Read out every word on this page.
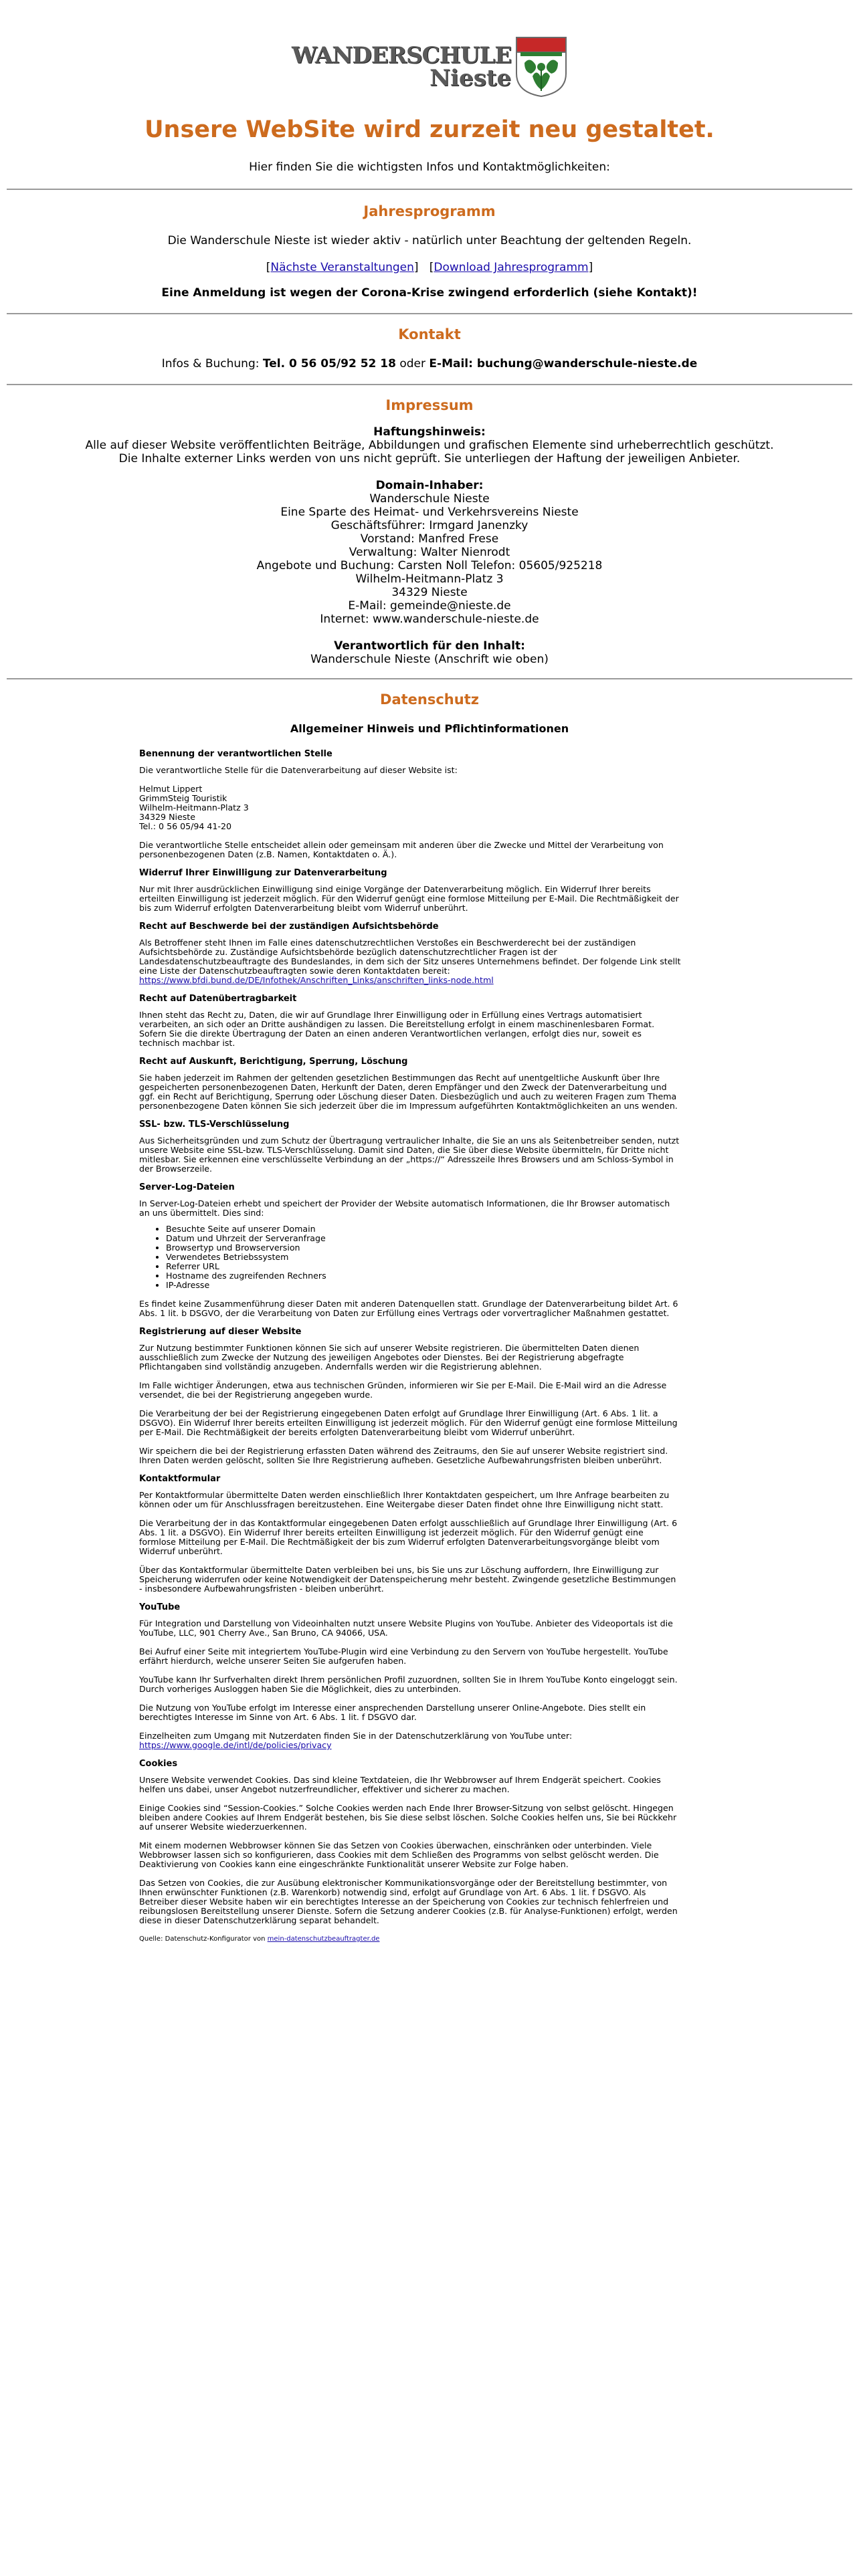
WANDERSCHULE
Nieste
Unsere WebSite wird zurzeit neu gestaltet.
Hier finden Sie die wichtigsten Infos und Kontaktmöglichkeiten:
Jahresprogramm
Die Wanderschule Nieste ist wieder aktiv - natürlich unter Beachtung der geltenden Regeln.
[Nächste Veranstaltungen]   [Download Jahresprogramm]
Eine Anmeldung ist wegen der Corona-Krise zwingend erforderlich (siehe Kontakt)!
Kontakt
Infos & Buchung: Tel. 0 56 05/92 52 18 oder E-Mail: buchung@wanderschule-nieste.de
Impressum
Haftungshinweis:
Alle auf dieser Website veröffentlichten Beiträge, Abbildungen und grafischen Elemente sind urheberrechtlich geschützt.
Die Inhalte externer Links werden von uns nicht geprüft. Sie unterliegen der Haftung der jeweiligen Anbieter.
Domain-Inhaber:
Wanderschule Nieste
Eine Sparte des Heimat- und Verkehrsvereins Nieste
Geschäftsführer: Irmgard Janenzky
Vorstand: Manfred Frese
Verwaltung: Walter Nienrodt
Angebote und Buchung: Carsten Noll Telefon: 05605/925218
Wilhelm-Heitmann-Platz 3
34329 Nieste
E-Mail: gemeinde@nieste.de
Internet: www.wanderschule-nieste.de
Verantwortlich für den Inhalt:
Wanderschule Nieste (Anschrift wie oben)
Datenschutz
Allgemeiner Hinweis und Pflichtinformationen
Benennung der verantwortlichen Stelle

Die verantwortliche Stelle für die Datenverarbeitung auf dieser Website ist:

Helmut Lippert
GrimmSteig Touristik
Wilhelm-Heitmann-Platz 3
34329 Nieste
Tel.: 0 56 05/94 41-20

Die verantwortliche Stelle entscheidet allein oder gemeinsam mit anderen über die Zwecke und Mittel der Verarbeitung von personenbezogenen Daten (z.B. Namen, Kontaktdaten o. Ä.).

Widerruf Ihrer Einwilligung zur Datenverarbeitung

Nur mit Ihrer ausdrücklichen Einwilligung sind einige Vorgänge der Datenverarbeitung möglich. Ein Widerruf Ihrer bereits erteilten Einwilligung ist jederzeit möglich. Für den Widerruf genügt eine formlose Mitteilung per E-Mail. Die Rechtmäßigkeit der bis zum Widerruf erfolgten Datenverarbeitung bleibt vom Widerruf unberührt.

Recht auf Beschwerde bei der zuständigen Aufsichtsbehörde

Als Betroffener steht Ihnen im Falle eines datenschutzrechtlichen Verstoßes ein Beschwerderecht bei der zuständigen Aufsichtsbehörde zu. Zuständige Aufsichtsbehörde bezüglich datenschutzrechtlicher Fragen ist der Landesdatenschutzbeauftragte des Bundeslandes, in dem sich der Sitz unseres Unternehmens befindet. Der folgende Link stellt eine Liste der Datenschutzbeauftragten sowie deren Kontaktdaten bereit:

https://www.bfdi.bund.de/DE/Infothek/Anschriften_Links/anschriften_links-node.html

Recht auf Datenübertragbarkeit

Ihnen steht das Recht zu, Daten, die wir auf Grundlage Ihrer Einwilligung oder in Erfüllung eines Vertrags automatisiert verarbeiten, an sich oder an Dritte aushändigen zu lassen. Die Bereitstellung erfolgt in einem maschinenlesbaren Format. Sofern Sie die direkte Übertragung der Daten an einen anderen Verantwortlichen verlangen, erfolgt dies nur, soweit es technisch machbar ist.

Recht auf Auskunft, Berichtigung, Sperrung, Löschung

Sie haben jederzeit im Rahmen der geltenden gesetzlichen Bestimmungen das Recht auf unentgeltliche Auskunft über Ihre gespeicherten personenbezogenen Daten, Herkunft der Daten, deren Empfänger und den Zweck der Datenverarbeitung und ggf. ein Recht auf Berichtigung, Sperrung oder Löschung dieser Daten. Diesbezüglich und auch zu weiteren Fragen zum Thema personenbezogene Daten können Sie sich jederzeit über die im Impressum aufgeführten Kontaktmöglichkeiten an uns wenden.

SSL- bzw. TLS-Verschlüsselung

Aus Sicherheitsgründen und zum Schutz der Übertragung vertraulicher Inhalte, die Sie an uns als Seitenbetreiber senden, nutzt unsere Website eine SSL-bzw. TLS-Verschlüsselung. Damit sind Daten, die Sie über diese Website übermitteln, für Dritte nicht mitlesbar. Sie erkennen eine verschlüsselte Verbindung an der „https://“ Adresszeile Ihres Browsers und am Schloss-Symbol in der Browserzeile.

Server-Log-Dateien

In Server-Log-Dateien erhebt und speichert der Provider der Website automatisch Informationen, die Ihr Browser automatisch an uns übermittelt. Dies sind:

• Besuchte Seite auf unserer Domain
• Datum und Uhrzeit der Serveranfrage
• Browsertyp und Browserversion
• Verwendetes Betriebssystem
• Referrer URL
• Hostname des zugreifenden Rechners
• IP-Adresse

Es findet keine Zusammenführung dieser Daten mit anderen Datenquellen statt. Grundlage der Datenverarbeitung bildet Art. 6 Abs. 1 lit. b DSGVO, der die Verarbeitung von Daten zur Erfüllung eines Vertrags oder vorvertraglicher Maßnahmen gestattet.

Registrierung auf dieser Website

Zur Nutzung bestimmter Funktionen können Sie sich auf unserer Website registrieren. Die übermittelten Daten dienen ausschließlich zum Zwecke der Nutzung des jeweiligen Angebotes oder Dienstes. Bei der Registrierung abgefragte Pflichtangaben sind vollständig anzugeben. Andernfalls werden wir die Registrierung ablehnen.

Im Falle wichtiger Änderungen, etwa aus technischen Gründen, informieren wir Sie per E-Mail. Die E-Mail wird an die Adresse versendet, die bei der Registrierung angegeben wurde.

Die Verarbeitung der bei der Registrierung eingegebenen Daten erfolgt auf Grundlage Ihrer Einwilligung (Art. 6 Abs. 1 lit. a DSGVO). Ein Widerruf Ihrer bereits erteilten Einwilligung ist jederzeit möglich. Für den Widerruf genügt eine formlose Mitteilung per E-Mail. Die Rechtmäßigkeit der bereits erfolgten Datenverarbeitung bleibt vom Widerruf unberührt.

Wir speichern die bei der Registrierung erfassten Daten während des Zeitraums, den Sie auf unserer Website registriert sind. Ihren Daten werden gelöscht, sollten Sie Ihre Registrierung aufheben. Gesetzliche Aufbewahrungsfristen bleiben unberührt.

Kontaktformular

Per Kontaktformular übermittelte Daten werden einschließlich Ihrer Kontaktdaten gespeichert, um Ihre Anfrage bearbeiten zu können oder um für Anschlussfragen bereitzustehen. Eine Weitergabe dieser Daten findet ohne Ihre Einwilligung nicht statt.

Die Verarbeitung der in das Kontaktformular eingegebenen Daten erfolgt ausschließlich auf Grundlage Ihrer Einwilligung (Art. 6 Abs. 1 lit. a DSGVO). Ein Widerruf Ihrer bereits erteilten Einwilligung ist jederzeit möglich. Für den Widerruf genügt eine formlose Mitteilung per E-Mail. Die Rechtmäßigkeit der bis zum Widerruf erfolgten Datenverarbeitungsvorgänge bleibt vom Widerruf unberührt.

Über das Kontaktformular übermittelte Daten verbleiben bei uns, bis Sie uns zur Löschung auffordern, Ihre Einwilligung zur Speicherung widerrufen oder keine Notwendigkeit der Datenspeicherung mehr besteht. Zwingende gesetzliche Bestimmungen - insbesondere Aufbewahrungsfristen - bleiben unberührt.

YouTube

Für Integration und Darstellung von Videoinhalten nutzt unsere Website Plugins von YouTube. Anbieter des Videoportals ist die YouTube, LLC, 901 Cherry Ave., San Bruno, CA 94066, USA.

Bei Aufruf einer Seite mit integriertem YouTube-Plugin wird eine Verbindung zu den Servern von YouTube hergestellt. YouTube erfährt hierdurch, welche unserer Seiten Sie aufgerufen haben.

YouTube kann Ihr Surfverhalten direkt Ihrem persönlichen Profil zuzuordnen, sollten Sie in Ihrem YouTube Konto eingeloggt sein. Durch vorheriges Ausloggen haben Sie die Möglichkeit, dies zu unterbinden.

Die Nutzung von YouTube erfolgt im Interesse einer ansprechenden Darstellung unserer Online-Angebote. Dies stellt ein berechtigtes Interesse im Sinne von Art. 6 Abs. 1 lit. f DSGVO dar.

Einzelheiten zum Umgang mit Nutzerdaten finden Sie in der Datenschutzerklärung von YouTube unter:

https://www.google.de/intl/de/policies/privacy

Cookies

Unsere Website verwendet Cookies. Das sind kleine Textdateien, die Ihr Webbrowser auf Ihrem Endgerät speichert. Cookies helfen uns dabei, unser Angebot nutzerfreundlicher, effektiver und sicherer zu machen.

Einige Cookies sind “Session-Cookies.” Solche Cookies werden nach Ende Ihrer Browser-Sitzung von selbst gelöscht. Hingegen bleiben andere Cookies auf Ihrem Endgerät bestehen, bis Sie diese selbst löschen. Solche Cookies helfen uns, Sie bei Rückkehr auf unserer Website wiederzuerkennen.

Mit einem modernen Webbrowser können Sie das Setzen von Cookies überwachen, einschränken oder unterbinden. Viele Webbrowser lassen sich so konfigurieren, dass Cookies mit dem Schließen des Programms von selbst gelöscht werden. Die Deaktivierung von Cookies kann eine eingeschränkte Funktionalität unserer Website zur Folge haben.

Das Setzen von Cookies, die zur Ausübung elektronischer Kommunikationsvorgänge oder der Bereitstellung bestimmter, von Ihnen erwünschter Funktionen (z.B. Warenkorb) notwendig sind, erfolgt auf Grundlage von Art. 6 Abs. 1 lit. f DSGVO. Als Betreiber dieser Website haben wir ein berechtigtes Interesse an der Speicherung von Cookies zur technisch fehlerfreien und reibungslosen Bereitstellung unserer Dienste. Sofern die Setzung anderer Cookies (z.B. für Analyse-Funktionen) erfolgt, werden diese in dieser Datenschutzerklärung separat behandelt.

Quelle: Datenschutz-Konfigurator von mein-datenschutzbeauftragter.de
